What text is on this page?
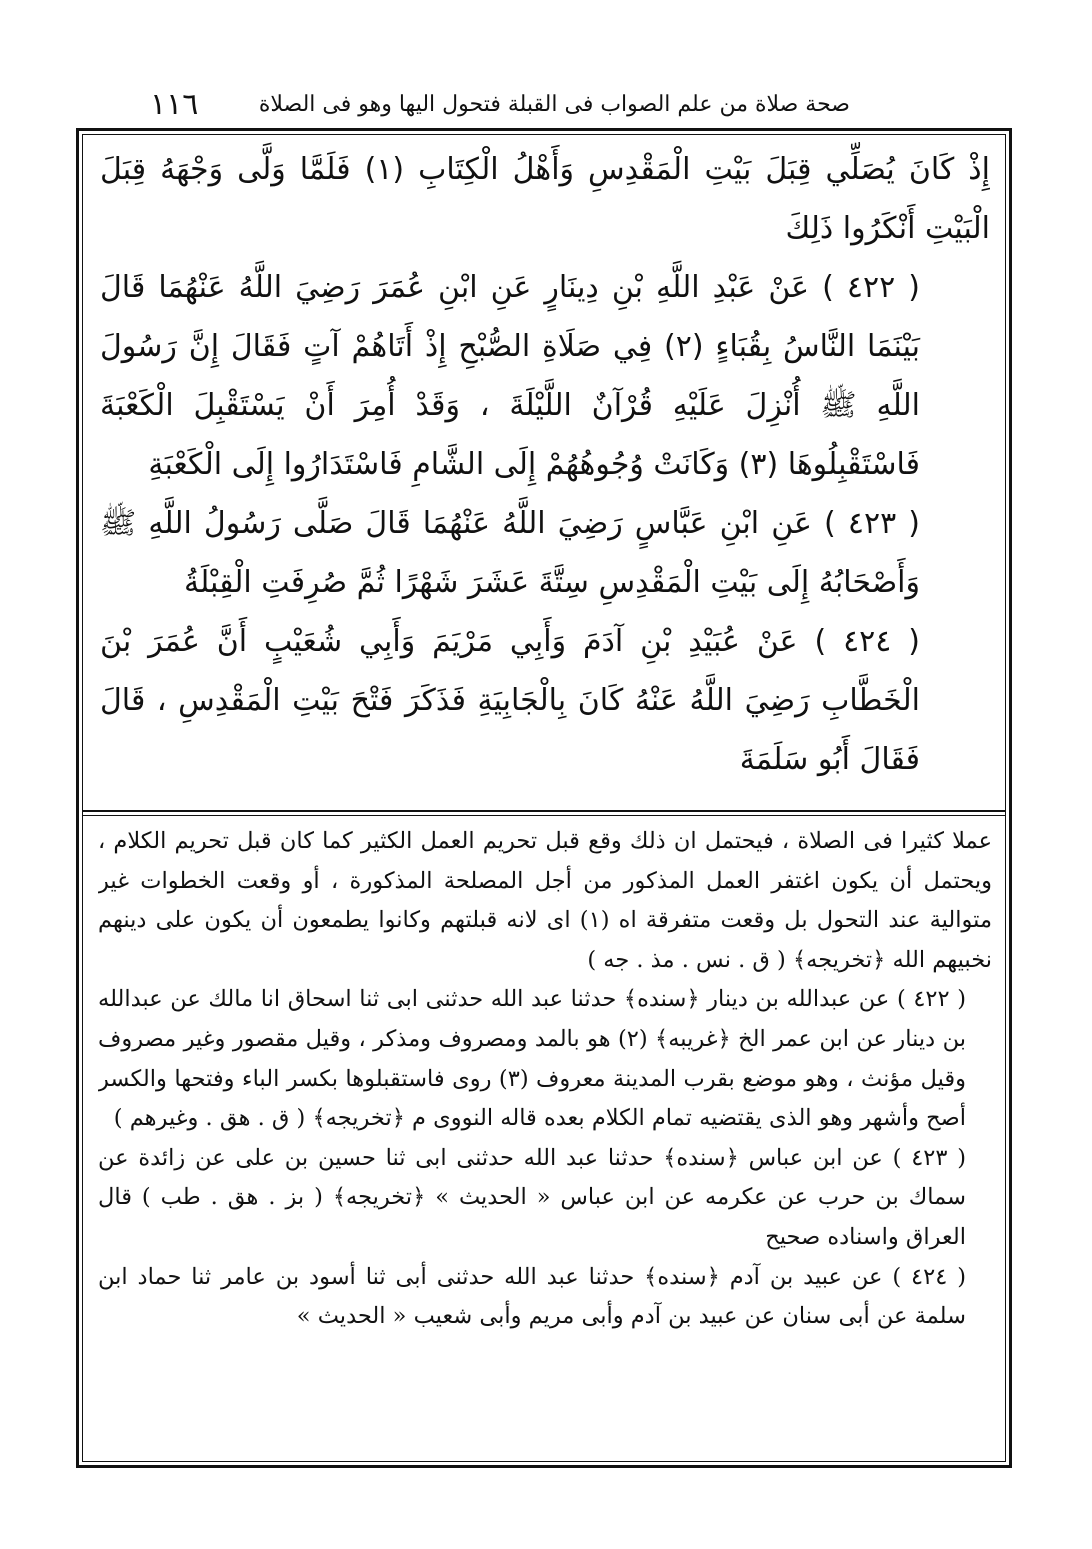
١١٦	صحة صلاة من علم الصواب فى القبلة فتحول اليها وهو فى الصلاة

إِذْ كَانَ يُصَلِّي قِبَلَ بَيْتِ الْمَقْدِسِ وَأَهْلُ الْكِتَابِ (١) فَلَمَّا وَلَّى وَجْهَهُ قِبَلَ الْبَيْتِ أَنْكَرُوا ذَلِكَ

( ٤٢٢ ) عَنْ عَبْدِ اللَّهِ بْنِ دِينَارٍ عَنِ ابْنِ عُمَرَ رَضِيَ اللَّهُ عَنْهُمَا قَالَ بَيْنَمَا النَّاسُ بِقُبَاءٍ (٢) فِي صَلَاةِ الصُّبْحِ إِذْ أَتَاهُمْ آتٍ فَقَالَ إِنَّ رَسُولَ اللَّهِ ﷺ أُنْزِلَ عَلَيْهِ قُرْآنٌ اللَّيْلَةَ ، وَقَدْ أُمِرَ أَنْ يَسْتَقْبِلَ الْكَعْبَةَ فَاسْتَقْبِلُوهَا (٣) وَكَانَتْ وُجُوهُهُمْ إِلَى الشَّامِ فَاسْتَدَارُوا إِلَى الْكَعْبَةِ

( ٤٢٣ ) عَنِ ابْنِ عَبَّاسٍ رَضِيَ اللَّهُ عَنْهُمَا قَالَ صَلَّى رَسُولُ اللَّهِ ﷺ وَأَصْحَابُهُ إِلَى بَيْتِ الْمَقْدِسِ سِتَّةَ عَشَرَ شَهْرًا ثُمَّ صُرِفَتِ الْقِبْلَةُ

( ٤٢٤ ) عَنْ عُبَيْدِ بْنِ آدَمَ وَأَبِي مَرْيَمَ وَأَبِي شُعَيْبٍ أَنَّ عُمَرَ بْنَ الْخَطَّابِ رَضِيَ اللَّهُ عَنْهُ كَانَ بِالْجَابِيَةِ فَذَكَرَ فَتْحَ بَيْتِ الْمَقْدِسِ ، قَالَ فَقَالَ أَبُو سَلَمَةَ

عملا كثيرا فى الصلاة ، فيحتمل ان ذلك وقع قبل تحريم العمل الكثير كما كان قبل تحريم الكلام ، ويحتمل أن يكون اغتفر العمل المذكور من أجل المصلحة المذكورة ، أو وقعت الخطوات غير متوالية عند التحول بل وقعت متفرقة اه (١) اى لانه قبلتهم وكانوا يطمعون أن يكون على دينهم نخبيهم الله ﴿تخريجه﴾ ( ق . نس . مذ . جه )

( ٤٢٢ ) عن عبدالله بن دينار ﴿سنده﴾ حدثنا عبد الله حدثنى ابى ثنا اسحاق انا مالك عن عبدالله بن دينار عن ابن عمر الخ ﴿غريبه﴾ (٢) هو بالمد ومصروف ومذكر ، وقيل مقصور وغير مصروف وقيل مؤنث ، وهو موضع بقرب المدينة معروف (٣) روى فاستقبلوها بكسر الباء وفتحها والكسر أصح وأشهر وهو الذى يقتضيه تمام الكلام بعده قاله النووى م ﴿تخريجه﴾ ( ق . هق . وغيرهم )

( ٤٢٣ ) عن ابن عباس ﴿سنده﴾ حدثنا عبد الله حدثنى ابى ثنا حسين بن على عن زائدة عن سماك بن حرب عن عكرمه عن ابن عباس « الحديث » ﴿تخريجه﴾ ( بز . هق . طب ) قال العراق واسناده صحيح

( ٤٢٤ ) عن عبيد بن آدم ﴿سنده﴾ حدثنا عبد الله حدثنى أبى ثنا أسود بن عامر ثنا حماد ابن سلمة عن أبى سنان عن عبيد بن آدم وأبى مريم وأبى شعيب « الحديث »
